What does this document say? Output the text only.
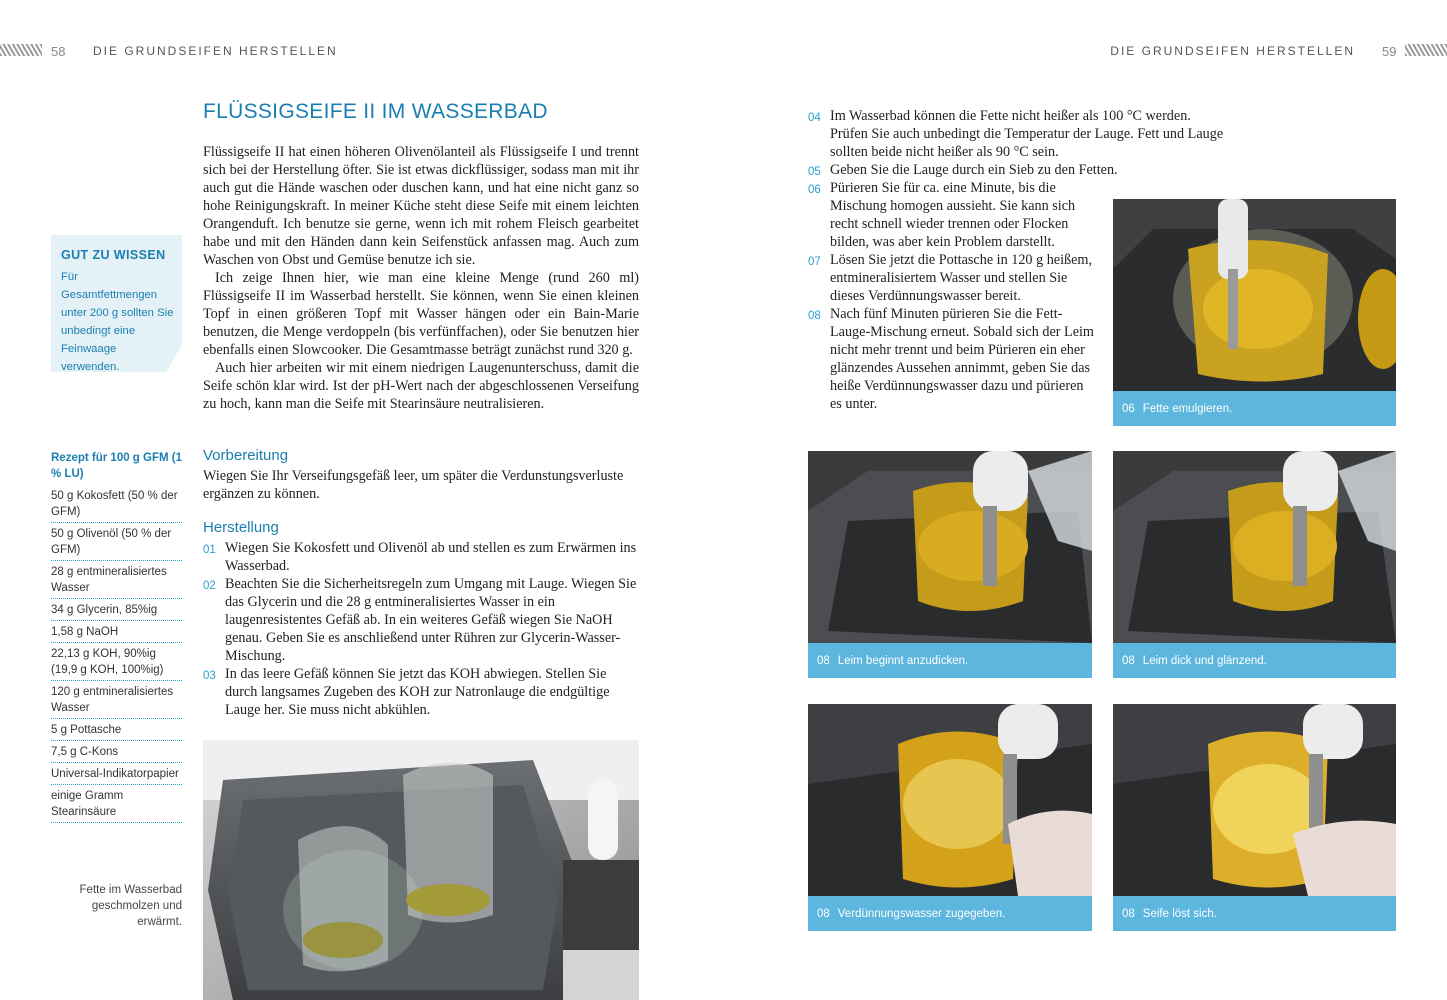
58 DIE GRUNDSEIFEN HERSTELLEN	DIE GRUNDSEIFEN HERSTELLEN 59
FLÜSSIGSEIFE II IM WASSERBAD

Flüssigseife II hat einen höheren Olivenölanteil als Flüssigseife I und trennt sich bei der Herstellung öfter. Sie ist etwas dickflüssiger, sodass man mit ihr auch gut die Hände waschen oder duschen kann, und hat eine nicht ganz so hohe Reinigungskraft. In meiner Küche steht diese Seife mit einem leichten Orangenduft. Ich benutze sie gerne, wenn ich mit rohem Fleisch gearbeitet habe und mit den Händen dann kein Seifenstück anfassen mag. Auch zum Waschen von Obst und Gemüse benutze ich sie.

Ich zeige Ihnen hier, wie man eine kleine Menge (rund 260 ml) Flüssigseife II im Wasserbad herstellt. Sie können, wenn Sie einen kleinen Topf in einen größeren Topf mit Wasser hängen oder ein Bain-Marie benutzen, die Menge verdoppeln (bis verfünffachen), oder Sie benutzen hier ebenfalls einen Slowcooker. Die Gesamtmasse beträgt zunächst rund 320 g.

Auch hier arbeiten wir mit einem niedrigen Laugenunterschuss, damit die Seife schön klar wird. Ist der pH-Wert nach der abgeschlossenen Verseifung zu hoch, kann man die Seife mit Stearinsäure neutralisieren.

Vorbereitung
Wiegen Sie Ihr Verseifungsgefäß leer, um später die Verdunstungsverluste ergänzen zu können.
Herstellung
01 Wiegen Sie Kokosfett und Olivenöl ab und stellen es zum Erwärmen ins Wasserbad.
02 Beachten Sie die Sicherheitsregeln zum Umgang mit Lauge. Wiegen Sie das Glycerin und die 28 g entmineralisiertes Wasser in ein laugenresistentes Gefäß ab. In ein weiteres Gefäß wiegen Sie NaOH genau. Geben Sie es anschließend unter Rühren zur Glycerin-Wasser-Mischung.
03 In das leere Gefäß können Sie jetzt das KOH abwiegen. Stellen Sie durch langsames Zugeben des KOH zur Natronlauge die endgültige Lauge her. Sie muss nicht abkühlen.
04 Im Wasserbad können die Fette nicht heißer als 100 °C werden. Prüfen Sie auch unbedingt die Temperatur der Lauge. Fett und Lauge sollten beide nicht heißer als 90 °C sein.
05 Geben Sie die Lauge durch ein Sieb zu den Fetten.
06 Pürieren Sie für ca. eine Minute, bis die Mischung homogen aussieht. Sie kann sich recht schnell wieder trennen oder Flocken bilden, was aber kein Problem darstellt.
07 Lösen Sie jetzt die Pottasche in 120 g heißem, entmineralisiertem Wasser und stellen Sie dieses Verdünnungswasser bereit.
08 Nach fünf Minuten pürieren Sie die Fett-Lauge-Mischung erneut. Sobald sich der Leim nicht mehr trennt und beim Pürieren ein eher glänzendes Aussehen annimmt, geben Sie das heiße Verdünnungswasser dazu und pürieren es unter.
GUT ZU WISSEN
Für Gesamtfettmengen unter 200 g sollten Sie unbedingt eine Feinwaage verwenden.
Rezept für 100 g GFM (1 % LU)
50 g Kokosfett (50 % der GFM)
50 g Olivenöl (50 % der GFM)
28 g entmineralisiertes Wasser
34 g Glycerin, 85%ig
1,58 g NaOH
22,13 g KOH, 90%ig (19,9 g KOH, 100%ig)
120 g entmineralisiertes Wasser
5 g Pottasche
7,5 g C-Kons
Universal-Indikatorpapier
einige Gramm Stearinsäure
Fette im Wasserbad geschmolzen und erwärmt.
06 Fette emulgieren.
08 Leim beginnt anzudicken.	08 Leim dick und glänzend.
08 Verdünnungswasser zugegeben.	08 Seife löst sich.
